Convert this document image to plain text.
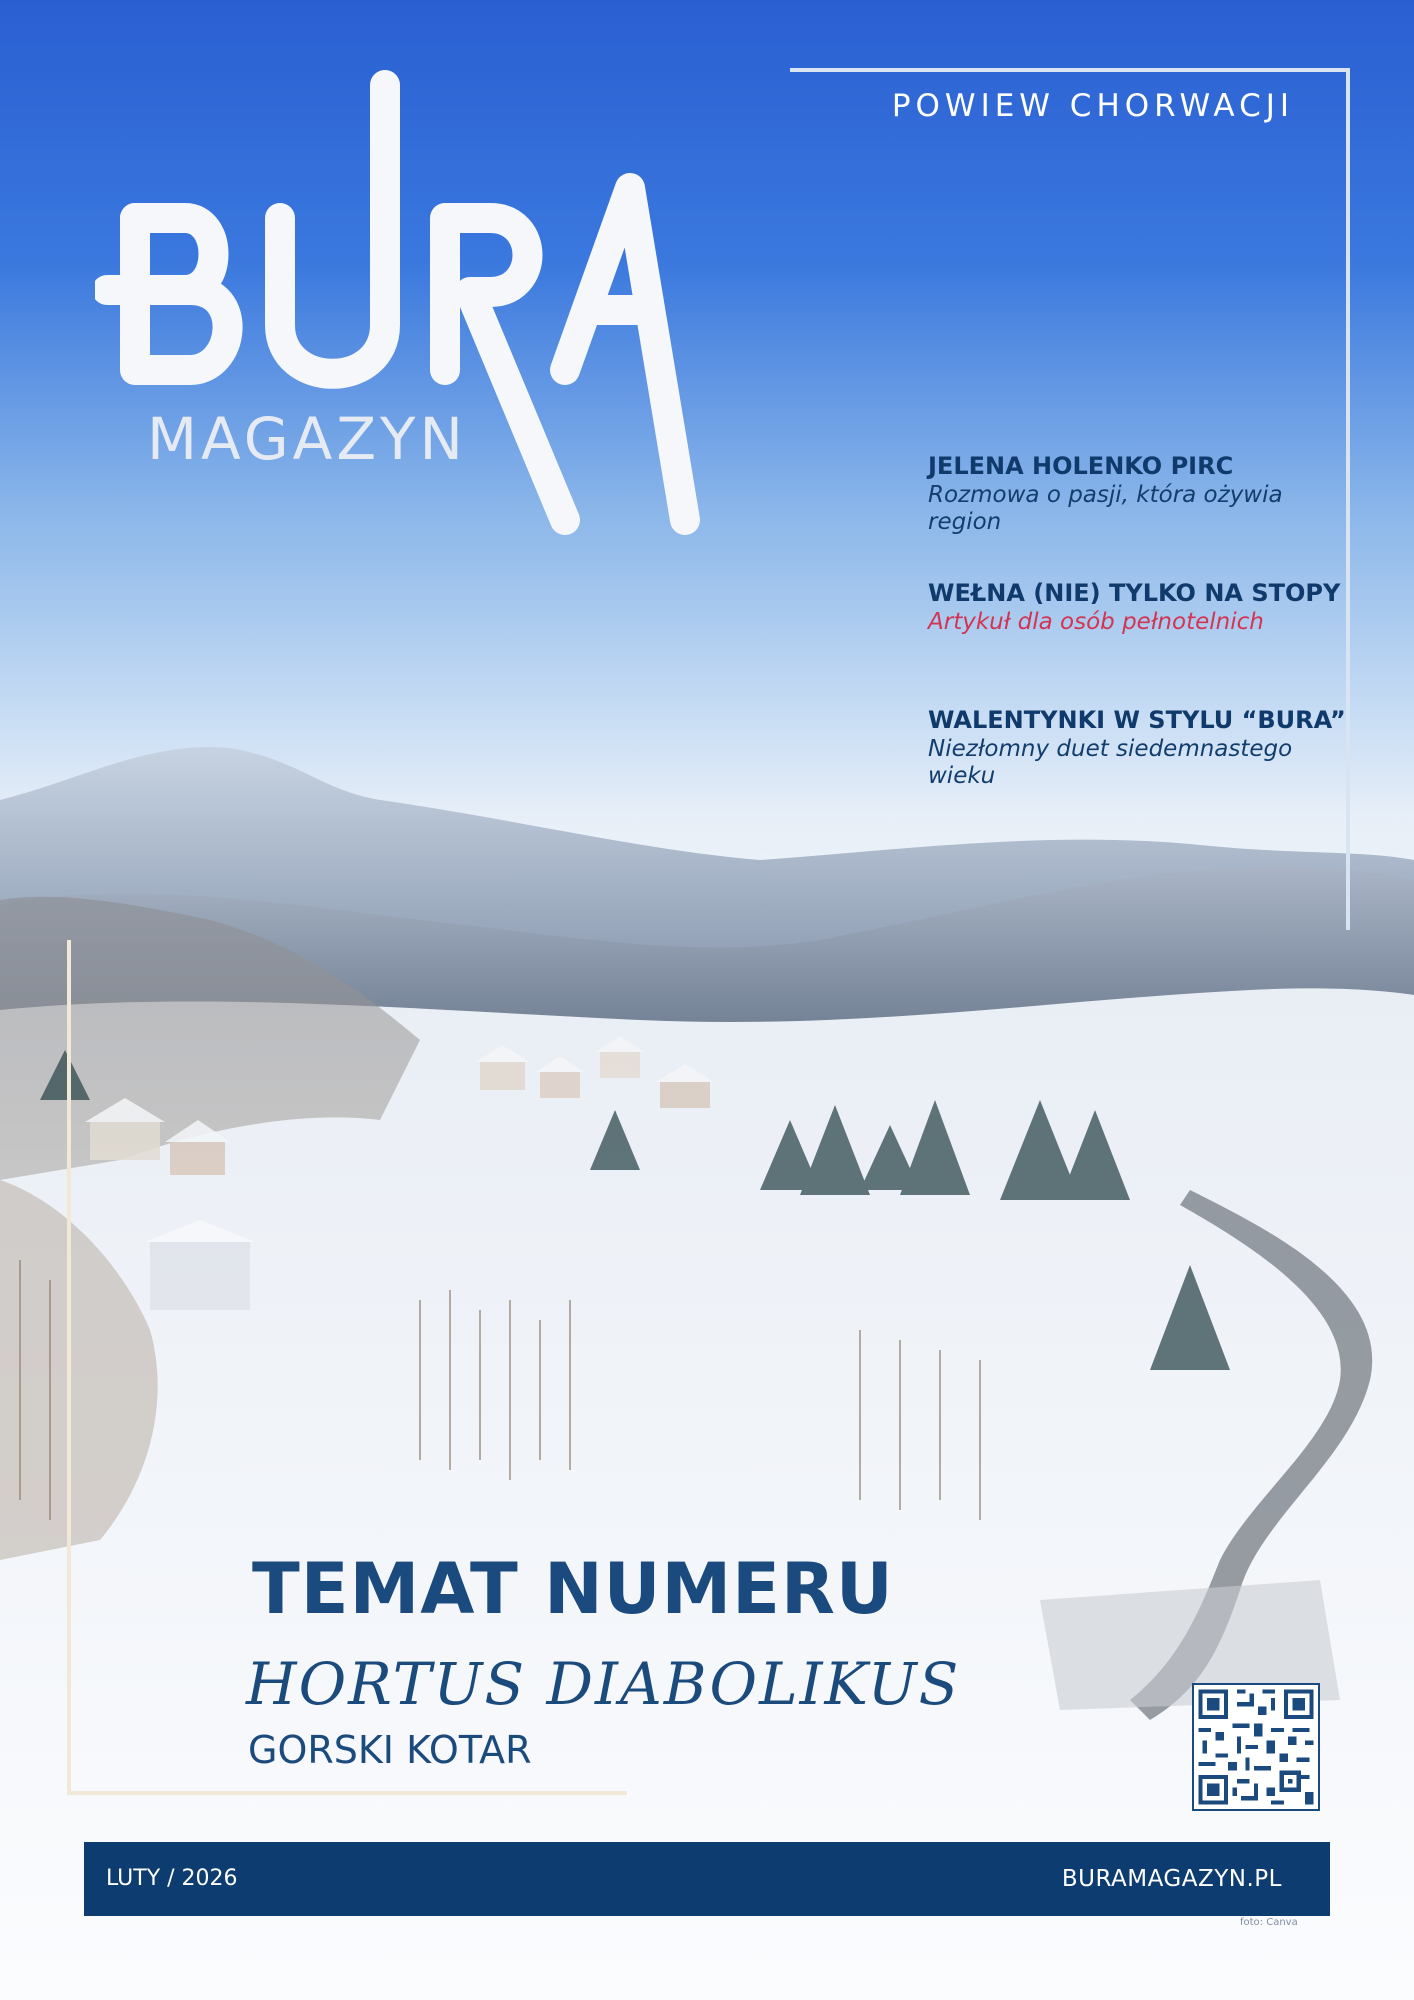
POWIEW CHORWACJI
MAGAZYN	JELENA HOLENKO PIRC
Rozmowa o pasji, która ożywia region
WEŁNA (NIE) TYLKO NA STOPY
Artykuł dla osób pełnotelnich
WALENTYNKI W STYLU “BURA”
Niezłomny duet siedemnastego wieku
TEMAT NUMERU
HORTUS DIABOLIKUS
GORSKI KOTAR
LUTY / 2026	BURAMAGAZYN.PL
foto: Canva
